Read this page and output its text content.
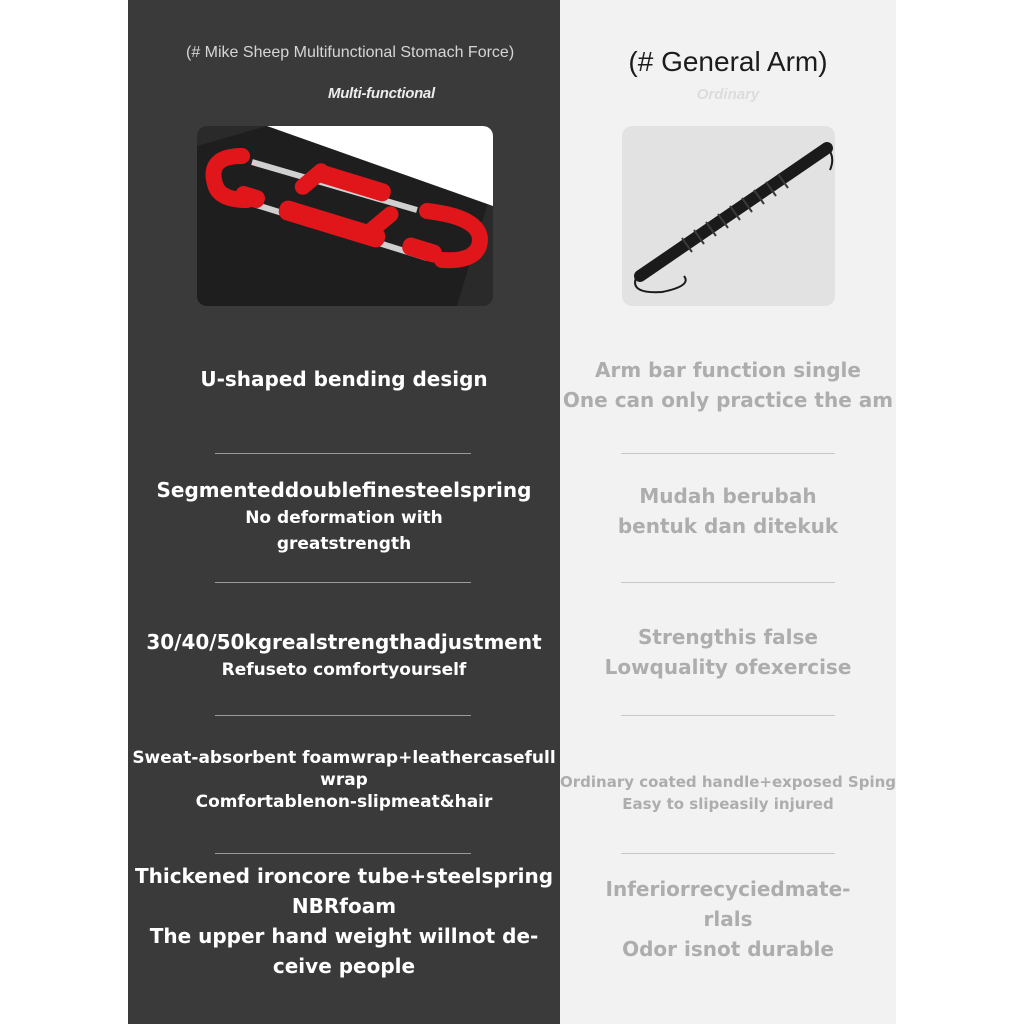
(# Mike Sheep Multifunctional Stomach Force)
Multi-functional
U-shaped bending design
Segmenteddoublefinesteelspring
No deformation with
greatstrength
30/40/50kgrealstrengthadjustment
Refuseto comfortyourself
Sweat-absorbent foamwrap+leathercasefull
wrap
Comfortablenon-slipmeat&hair
Thickened ironcore tube+steelspring
NBRfoam
The upper hand weight willnot de-
ceive people
(# General Arm)
Ordinary
Arm bar function single
One can only practice the am
Mudah berubah
bentuk dan ditekuk
Strengthis false
Lowquality ofexercise
Ordinary coated handle+exposed Sping
Easy to slipeasily injured
Inferiorrecyciedmate-
rlals
Odor isnot durable
